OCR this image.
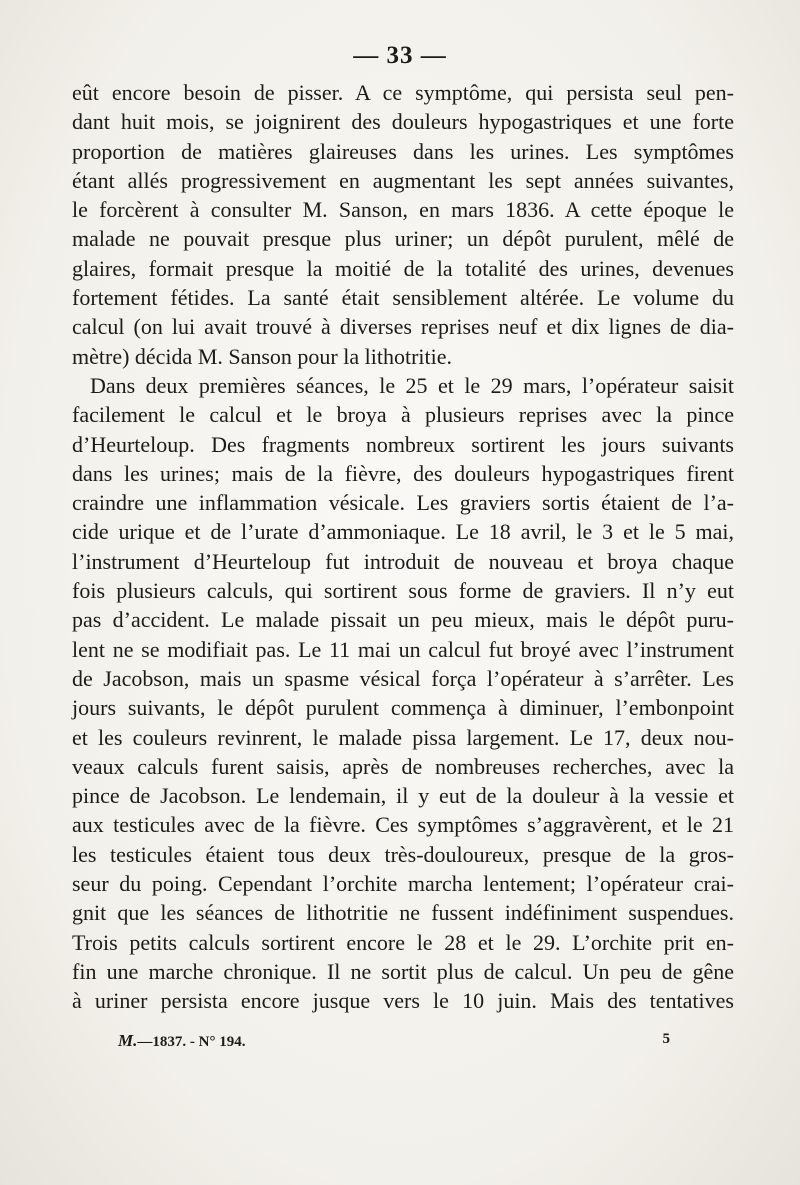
— 33 —
eût encore besoin de pisser. A ce symptôme, qui persista seul pen-
dant huit mois, se joignirent des douleurs hypogastriques et une forte
proportion de matières glaireuses dans les urines. Les symptômes
étant allés progressivement en augmentant les sept années suivantes,
le forcèrent à consulter M. Sanson, en mars 1836. A cette époque le
malade ne pouvait presque plus uriner; un dépôt purulent, mêlé de
glaires, formait presque la moitié de la totalité des urines, devenues
fortement fétides. La santé était sensiblement altérée. Le volume du
calcul (on lui avait trouvé à diverses reprises neuf et dix lignes de dia-
mètre) décida M. Sanson pour la lithotritie.
Dans deux premières séances, le 25 et le 29 mars, l’opérateur saisit
facilement le calcul et le broya à plusieurs reprises avec la pince
d’Heurteloup. Des fragments nombreux sortirent les jours suivants
dans les urines; mais de la fièvre, des douleurs hypogastriques firent
craindre une inflammation vésicale. Les graviers sortis étaient de l’a-
cide urique et de l’urate d’ammoniaque. Le 18 avril, le 3 et le 5 mai,
l’instrument d’Heurteloup fut introduit de nouveau et broya chaque
fois plusieurs calculs, qui sortirent sous forme de graviers. Il n’y eut
pas d’accident. Le malade pissait un peu mieux, mais le dépôt puru-
lent ne se modifiait pas. Le 11 mai un calcul fut broyé avec l’instrument
de Jacobson, mais un spasme vésical força l’opérateur à s’arrêter. Les
jours suivants, le dépôt purulent commença à diminuer, l’embonpoint
et les couleurs revinrent, le malade pissa largement. Le 17, deux nou-
veaux calculs furent saisis, après de nombreuses recherches, avec la
pince de Jacobson. Le lendemain, il y eut de la douleur à la vessie et
aux testicules avec de la fièvre. Ces symptômes s’aggravèrent, et le 21
les testicules étaient tous deux très-douloureux, presque de la gros-
seur du poing. Cependant l’orchite marcha lentement; l’opérateur crai-
gnit que les séances de lithotritie ne fussent indéfiniment suspendues.
Trois petits calculs sortirent encore le 28 et le 29. L’orchite prit en-
fin une marche chronique. Il ne sortit plus de calcul. Un peu de gêne
à uriner persista encore jusque vers le 10 juin. Mais des tentatives
M.—1837. - N° 194.	5
